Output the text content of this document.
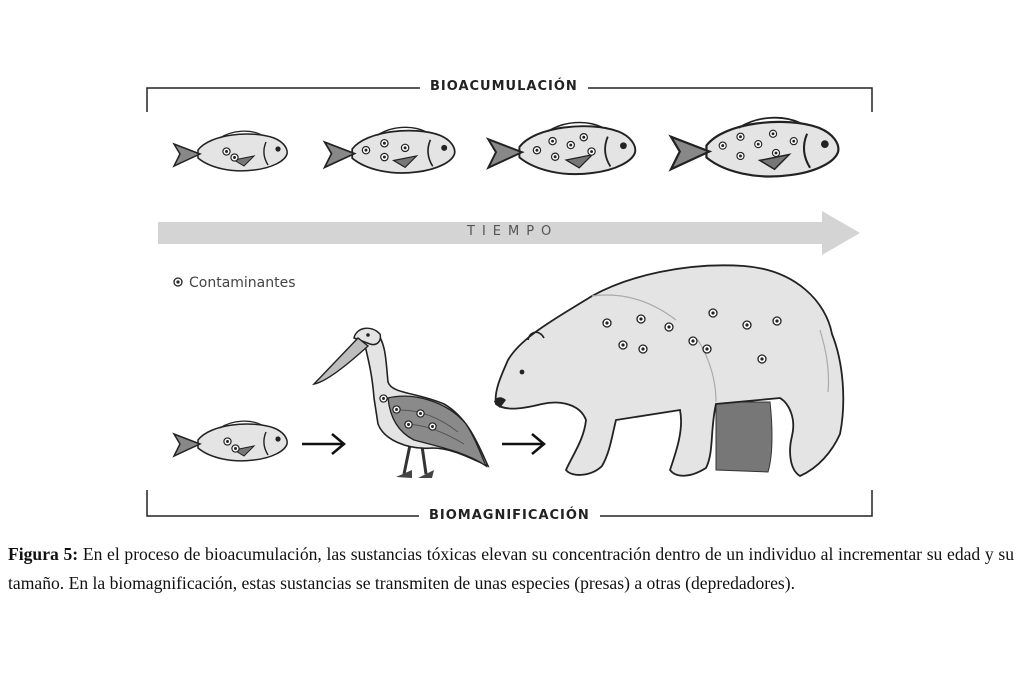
BIOACUMULACIÓN
TIEMPO
Contaminantes
BIOMAGNIFICACIÓN

Figura 5: En el proceso de bioacumulación, las sustancias tóxicas elevan su concentración dentro de un individuo al incrementar su edad y su tamaño. En la biomagnificación, estas sustancias se transmiten de unas especies (presas) a otras (depredadores).
